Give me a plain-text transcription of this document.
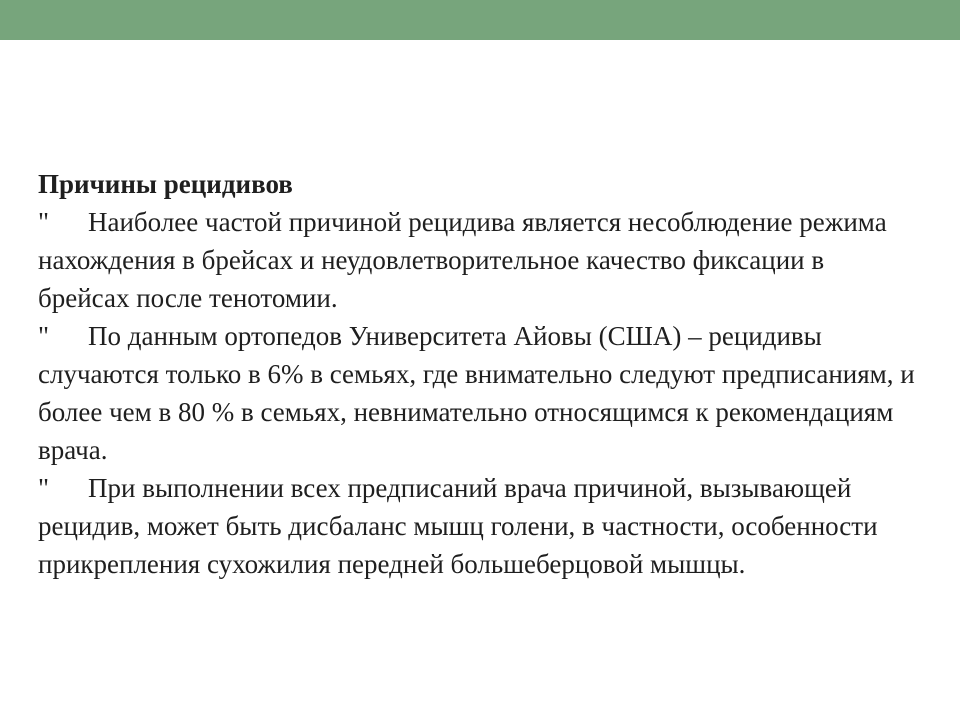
Причины рецидивов
" Наиболее частой причиной рецидива является несоблюдение режима нахождения в брейсах и неудовлетворительное качество фиксации в брейсах после тенотомии.
" По данным ортопедов Университета Айовы (США) – рецидивы случаются только в 6% в семьях, где внимательно следуют предписаниям, и более чем в 80 % в семьях, невнимательно относящимся к рекомендациям врача.
" При выполнении всех предписаний врача причиной, вызывающей рецидив, может быть дисбаланс мышц голени, в частности, особенности прикрепления сухожилия передней большеберцовой мышцы.
